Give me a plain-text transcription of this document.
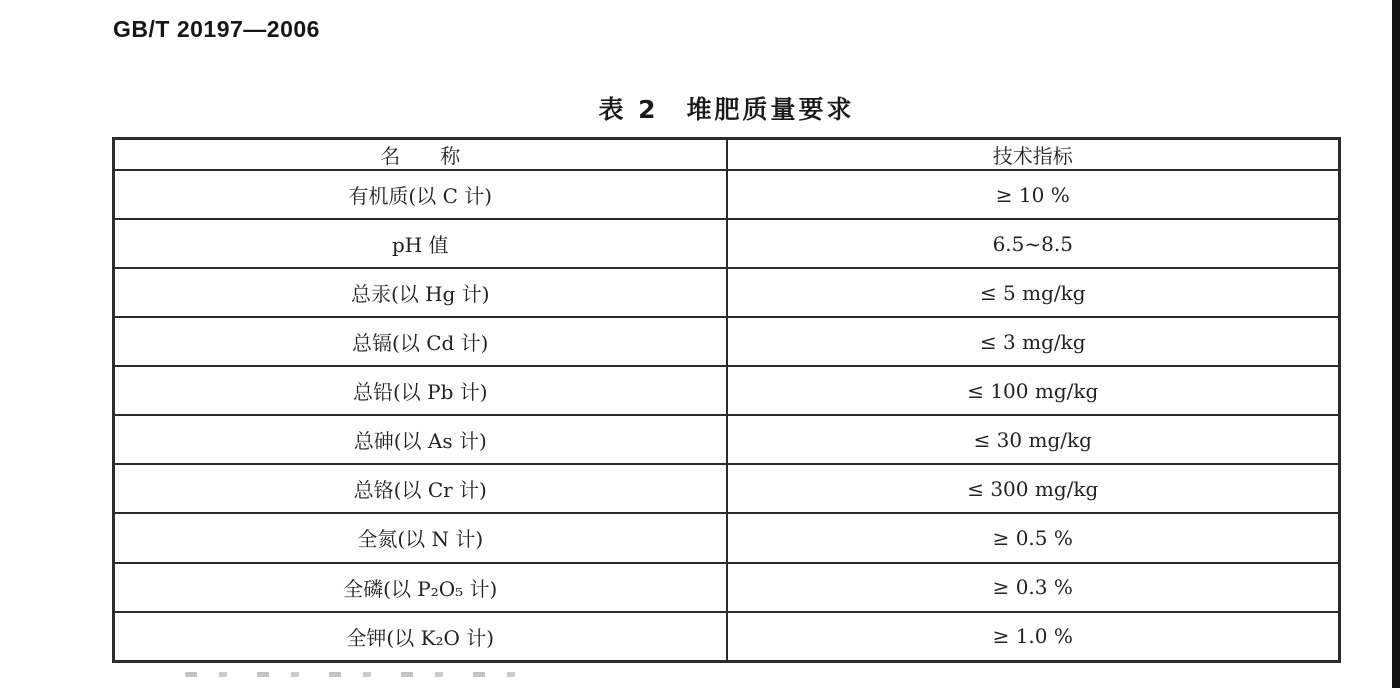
GB/T 20197—2006
表 2　堆肥质量要求
名　　称	技术指标
有机质(以 C 计)	≥ 10 %
pH 值	6.5~8.5
总汞(以 Hg 计)	≤ 5 mg/kg
总镉(以 Cd 计)	≤ 3 mg/kg
总铅(以 Pb 计)	≤ 100 mg/kg
总砷(以 As 计)	≤ 30 mg/kg
总铬(以 Cr 计)	≤ 300 mg/kg
全氮(以 N 计)	≥ 0.5 %
全磷(以 P₂O₅ 计)	≥ 0.3 %
全钾(以 K₂O 计)	≥ 1.0 %
